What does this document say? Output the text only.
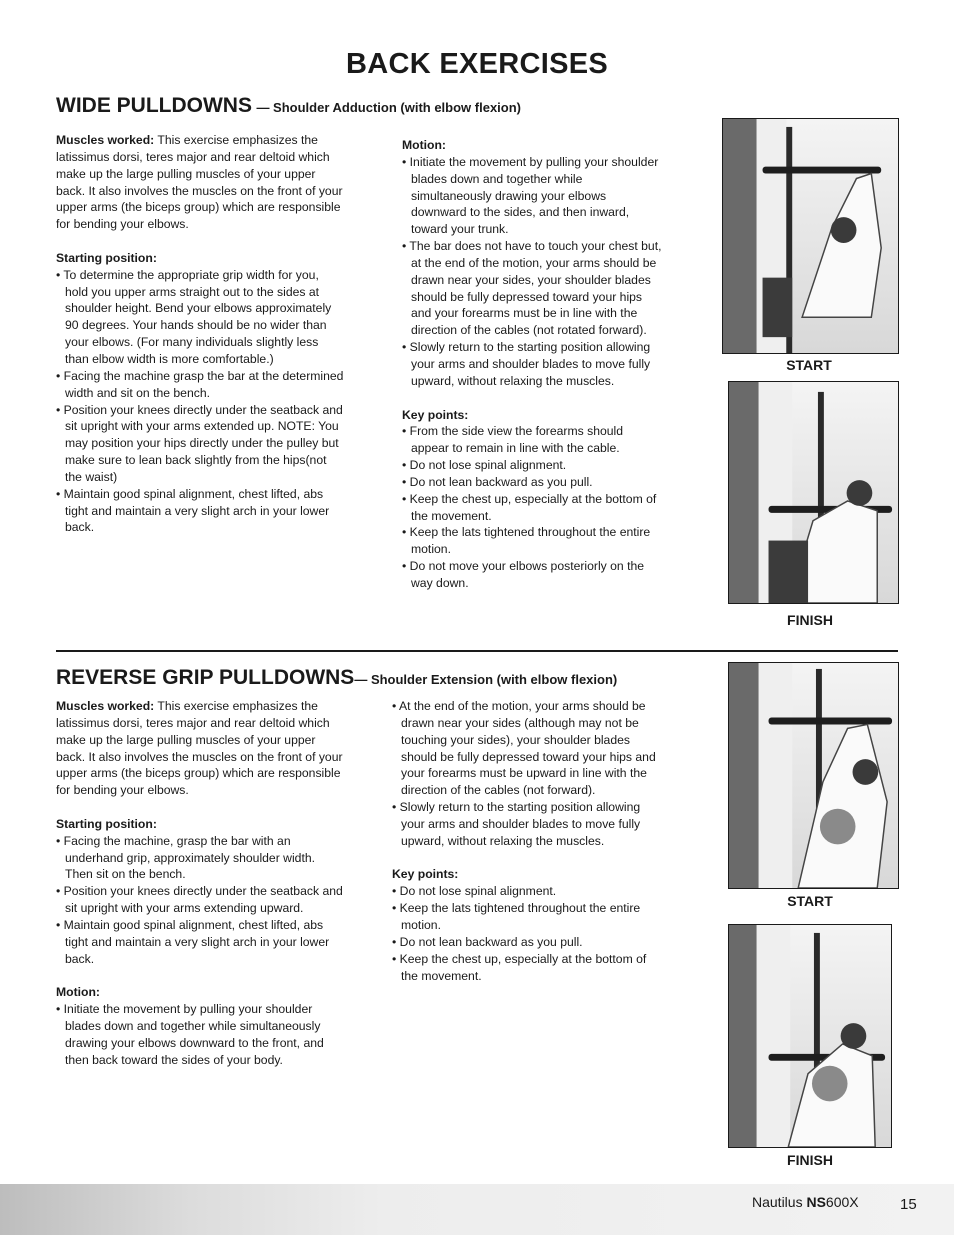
BACK EXERCISES
WIDE PULLDOWNS — Shoulder Adduction (with elbow flexion)
Muscles worked: This exercise emphasizes the latissimus dorsi, teres major and rear deltoid which make up the large pulling muscles of your upper back. It also involves the muscles on the front of your upper arms (the biceps group) which are responsible for bending your elbows.
Starting position:
• To determine the appropriate grip width for you, hold you upper arms straight out to the sides at shoulder height. Bend your elbows approximately 90 degrees. Your hands should be no wider than your elbows. (For many individuals slightly less than elbow width is more comfortable.)
• Facing the machine grasp the bar at the determined width and sit on the bench.
• Position your knees directly under the seatback and sit upright with your arms extended up. NOTE: You may position your hips directly under the pulley but make sure to lean back slightly from the hips(not the waist)
• Maintain good spinal alignment, chest lifted, abs tight and maintain a very slight arch in your lower back.
Motion:
• Initiate the movement by pulling your shoulder blades down and together while simultaneously drawing your elbows downward to the sides, and then inward, toward your trunk.
• The bar does not have to touch your chest but, at the end of the motion, your arms should be drawn near your sides, your shoulder blades should be fully depressed toward your hips and your forearms must be in line with the direction of the cables (not rotated forward).
• Slowly return to the starting position allowing your arms and shoulder blades to move fully upward, without relaxing the muscles.
Key points:
• From the side view the forearms should appear to remain in line with the cable.
• Do not lose spinal alignment.
• Do not lean backward as you pull.
• Keep the chest up, especially at the bottom of the movement.
• Keep the lats tightened throughout the entire motion.
• Do not move your elbows posteriorly on the way down.
START
FINISH
REVERSE GRIP PULLDOWNS— Shoulder Extension (with elbow flexion)
Muscles worked: This exercise emphasizes the latissimus dorsi, teres major and rear deltoid which make up the large pulling muscles of your upper back. It also involves the muscles on the front of your upper arms (the biceps group) which are responsible for bending your elbows.
Starting position:
• Facing the machine, grasp the bar with an underhand grip, approximately shoulder width. Then sit on the bench.
• Position your knees directly under the seatback and sit upright with your arms extending upward.
• Maintain good spinal alignment, chest lifted, abs tight and maintain a very slight arch in your lower back.
Motion:
• Initiate the movement by pulling your shoulder blades down and together while simultaneously drawing your elbows downward to the front, and then back toward the sides of your body.
• At the end of the motion, your arms should be drawn near your sides (although may not be touching your sides), your shoulder blades should be fully depressed toward your hips and your forearms must be upward in line with the direction of the cables (not forward).
• Slowly return to the starting position allowing your arms and shoulder blades to move fully upward, without relaxing the muscles.
Key points:
• Do not lose spinal alignment.
• Keep the lats tightened throughout the entire motion.
• Do not lean backward as you pull.
• Keep the chest up, especially at the bottom of the movement.
START
FINISH
Nautilus NS600X	15
